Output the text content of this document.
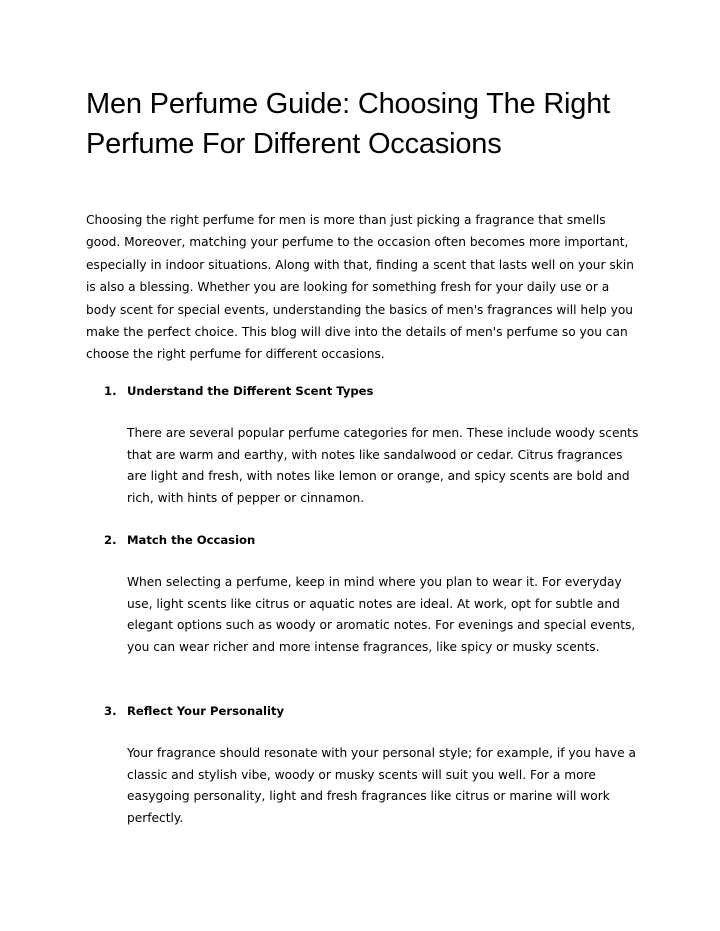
Men Perfume Guide: Choosing The Right Perfume For Different Occasions

Choosing the right perfume for men is more than just picking a fragrance that smells good. Moreover, matching your perfume to the occasion often becomes more important, especially in indoor situations. Along with that, finding a scent that lasts well on your skin is also a blessing. Whether you are looking for something fresh for your daily use or a body scent for special events, understanding the basics of men's fragrances will help you make the perfect choice. This blog will dive into the details of men's perfume so you can choose the right perfume for different occasions.

1. Understand the Different Scent Types

There are several popular perfume categories for men. These include woody scents that are warm and earthy, with notes like sandalwood or cedar. Citrus fragrances are light and fresh, with notes like lemon or orange, and spicy scents are bold and rich, with hints of pepper or cinnamon.

2. Match the Occasion

When selecting a perfume, keep in mind where you plan to wear it. For everyday use, light scents like citrus or aquatic notes are ideal. At work, opt for subtle and elegant options such as woody or aromatic notes. For evenings and special events, you can wear richer and more intense fragrances, like spicy or musky scents.

3. Reflect Your Personality

Your fragrance should resonate with your personal style; for example, if you have a classic and stylish vibe, woody or musky scents will suit you well. For a more easygoing personality, light and fresh fragrances like citrus or marine will work perfectly.
